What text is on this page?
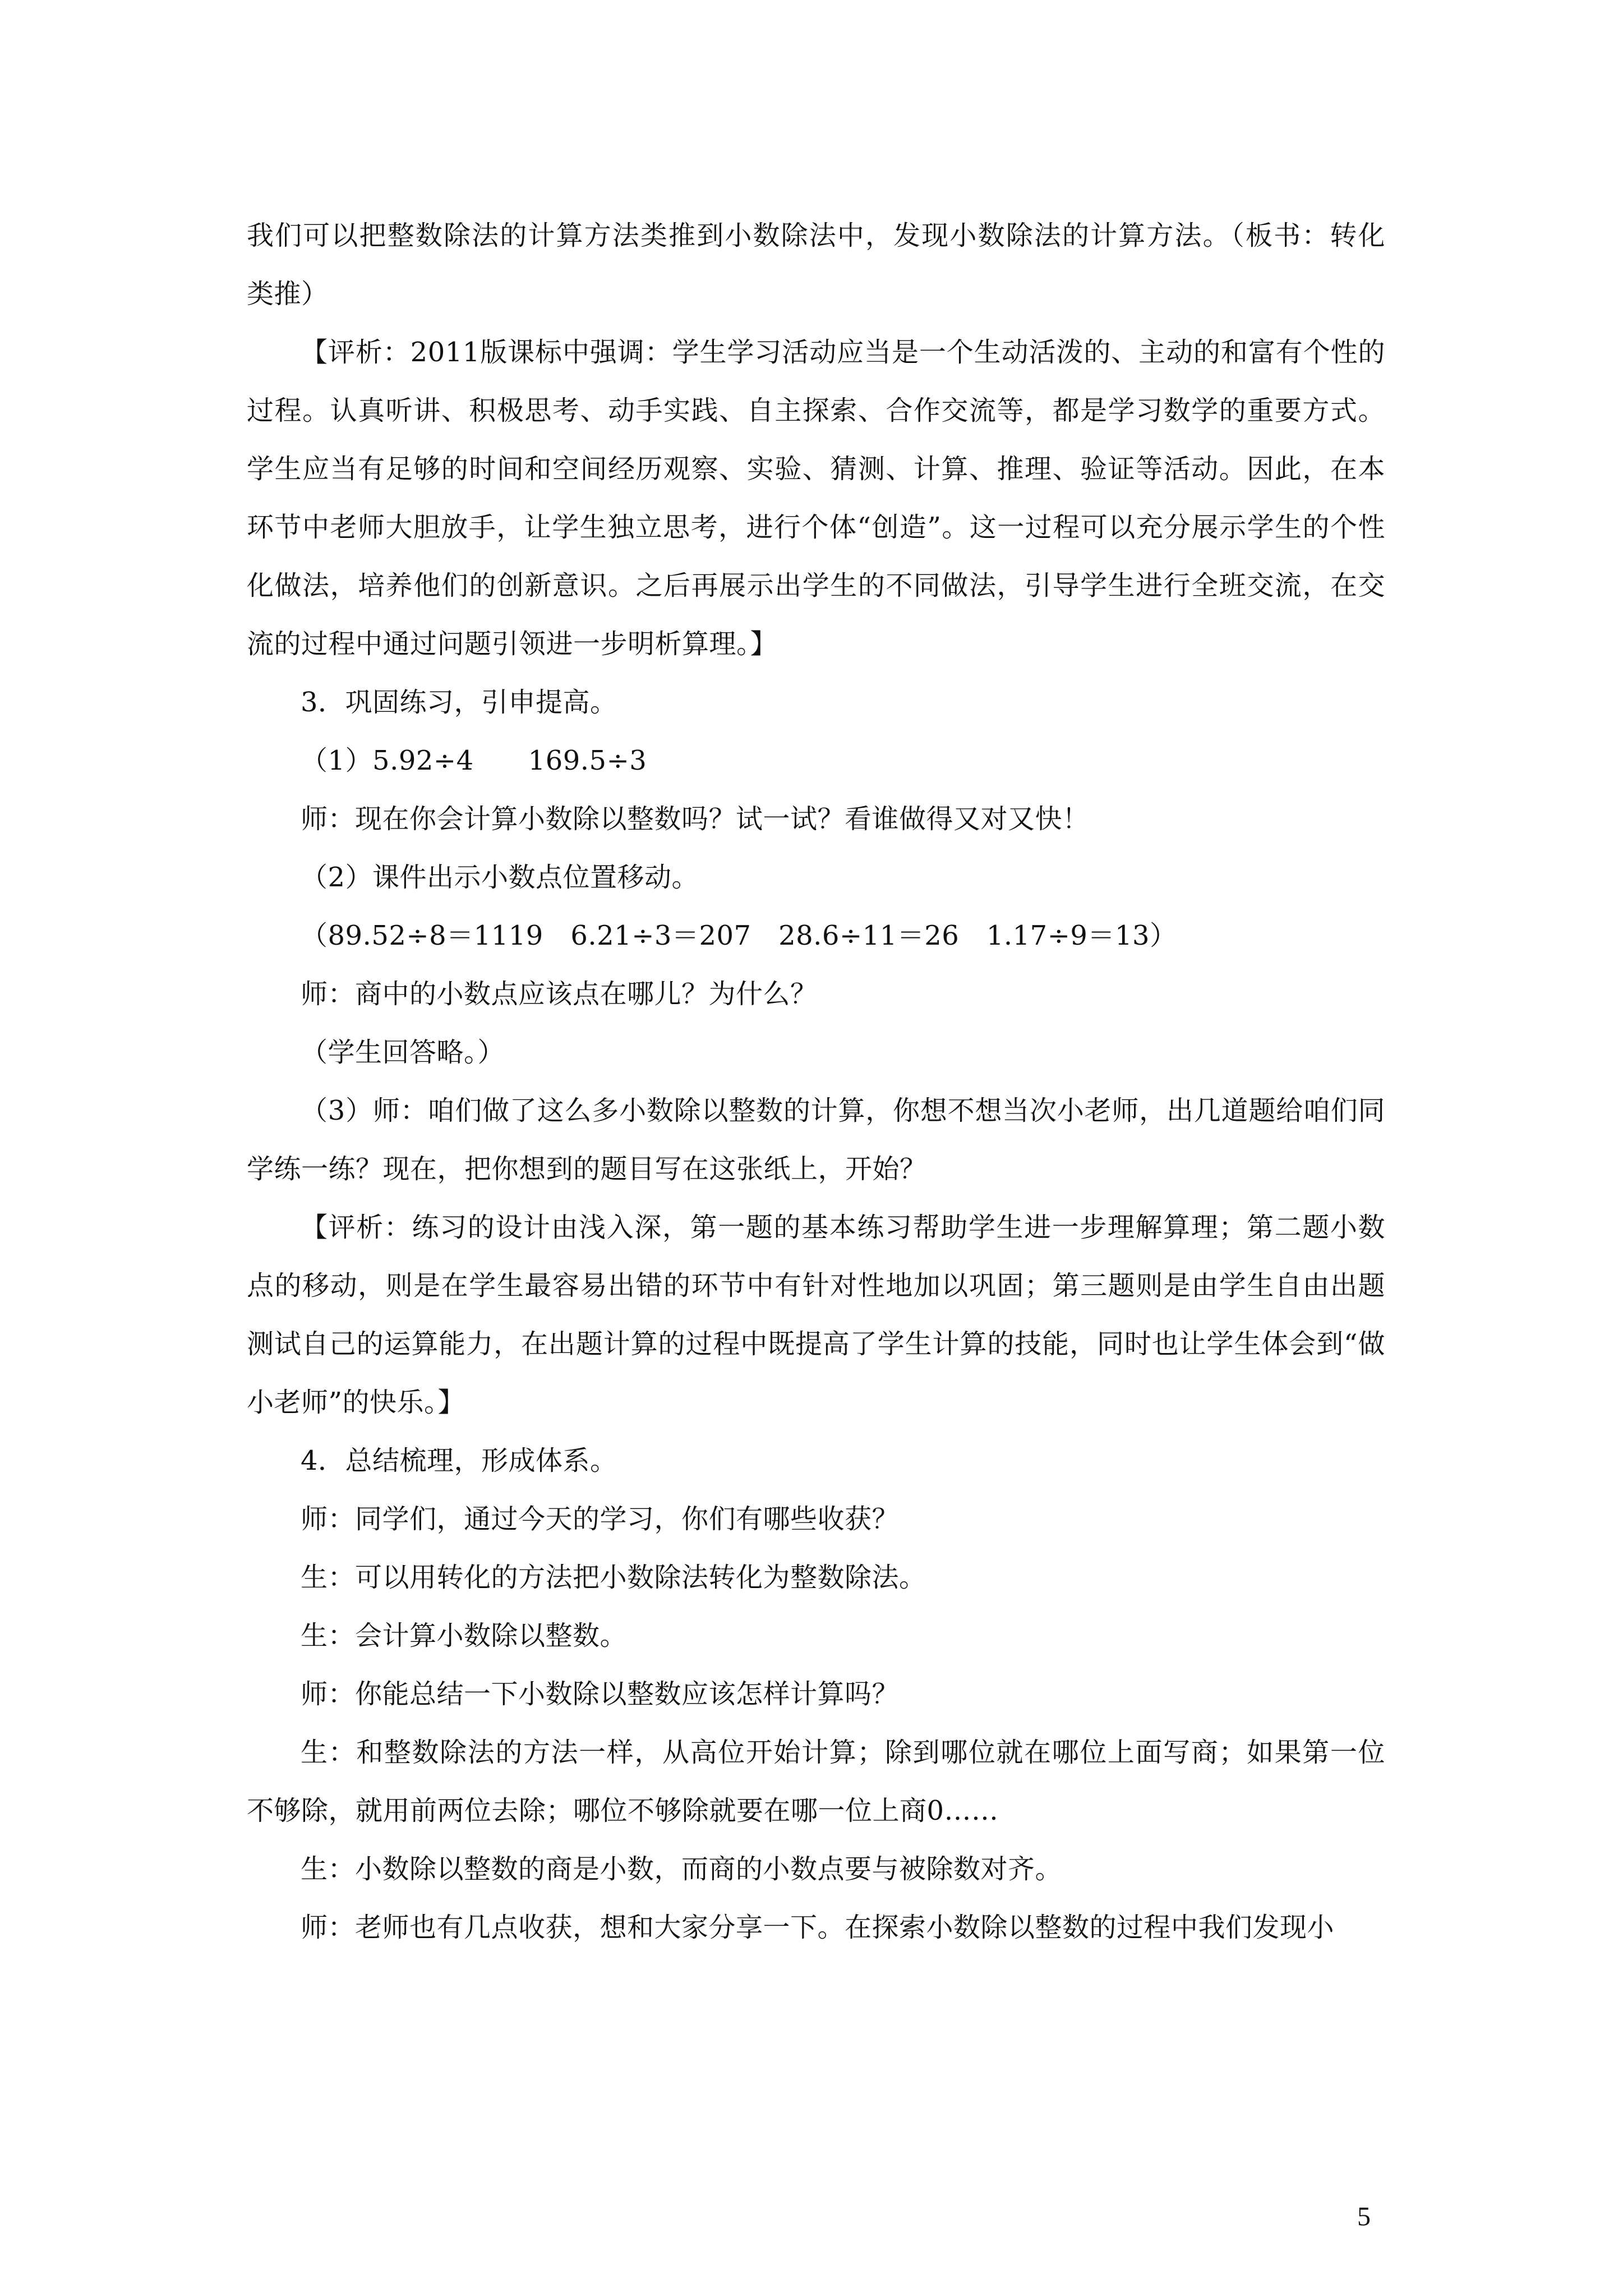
我们可以把整数除法的计算方法类推到小数除法中，发现小数除法的计算方法。（板书：转化　类推）

【评析：2011版课标中强调：学生学习活动应当是一个生动活泼的、主动的和富有个性的过程。认真听讲、积极思考、动手实践、自主探索、合作交流等，都是学习数学的重要方式。学生应当有足够的时间和空间经历观察、实验、猜测、计算、推理、验证等活动。因此，在本环节中老师大胆放手，让学生独立思考，进行个体“创造”。这一过程可以充分展示学生的个性化做法，培养他们的创新意识。之后再展示出学生的不同做法，引导学生进行全班交流，在交流的过程中通过问题引领进一步明析算理。】

3．巩固练习，引申提高。

（1）5.92÷4　　169.5÷3

师：现在你会计算小数除以整数吗？试一试？看谁做得又对又快！

（2）课件出示小数点位置移动。

（89.52÷8＝1119　6.21÷3＝207　28.6÷11＝26　1.17÷9＝13）

师：商中的小数点应该点在哪儿？为什么？

（学生回答略。）

（3）师：咱们做了这么多小数除以整数的计算，你想不想当次小老师，出几道题给咱们同学练一练？现在，把你想到的题目写在这张纸上，开始？

【评析：练习的设计由浅入深，第一题的基本练习帮助学生进一步理解算理；第二题小数点的移动，则是在学生最容易出错的环节中有针对性地加以巩固；第三题则是由学生自由出题测试自己的运算能力，在出题计算的过程中既提高了学生计算的技能，同时也让学生体会到“做小老师”的快乐。】

4．总结梳理，形成体系。

师：同学们，通过今天的学习，你们有哪些收获？

生：可以用转化的方法把小数除法转化为整数除法。

生：会计算小数除以整数。

师：你能总结一下小数除以整数应该怎样计算吗？

生：和整数除法的方法一样，从高位开始计算；除到哪位就在哪位上面写商；如果第一位不够除，就用前两位去除；哪位不够除就要在哪一位上商0……

生：小数除以整数的商是小数，而商的小数点要与被除数对齐。

师：老师也有几点收获，想和大家分享一下。在探索小数除以整数的过程中我们发现小

5
